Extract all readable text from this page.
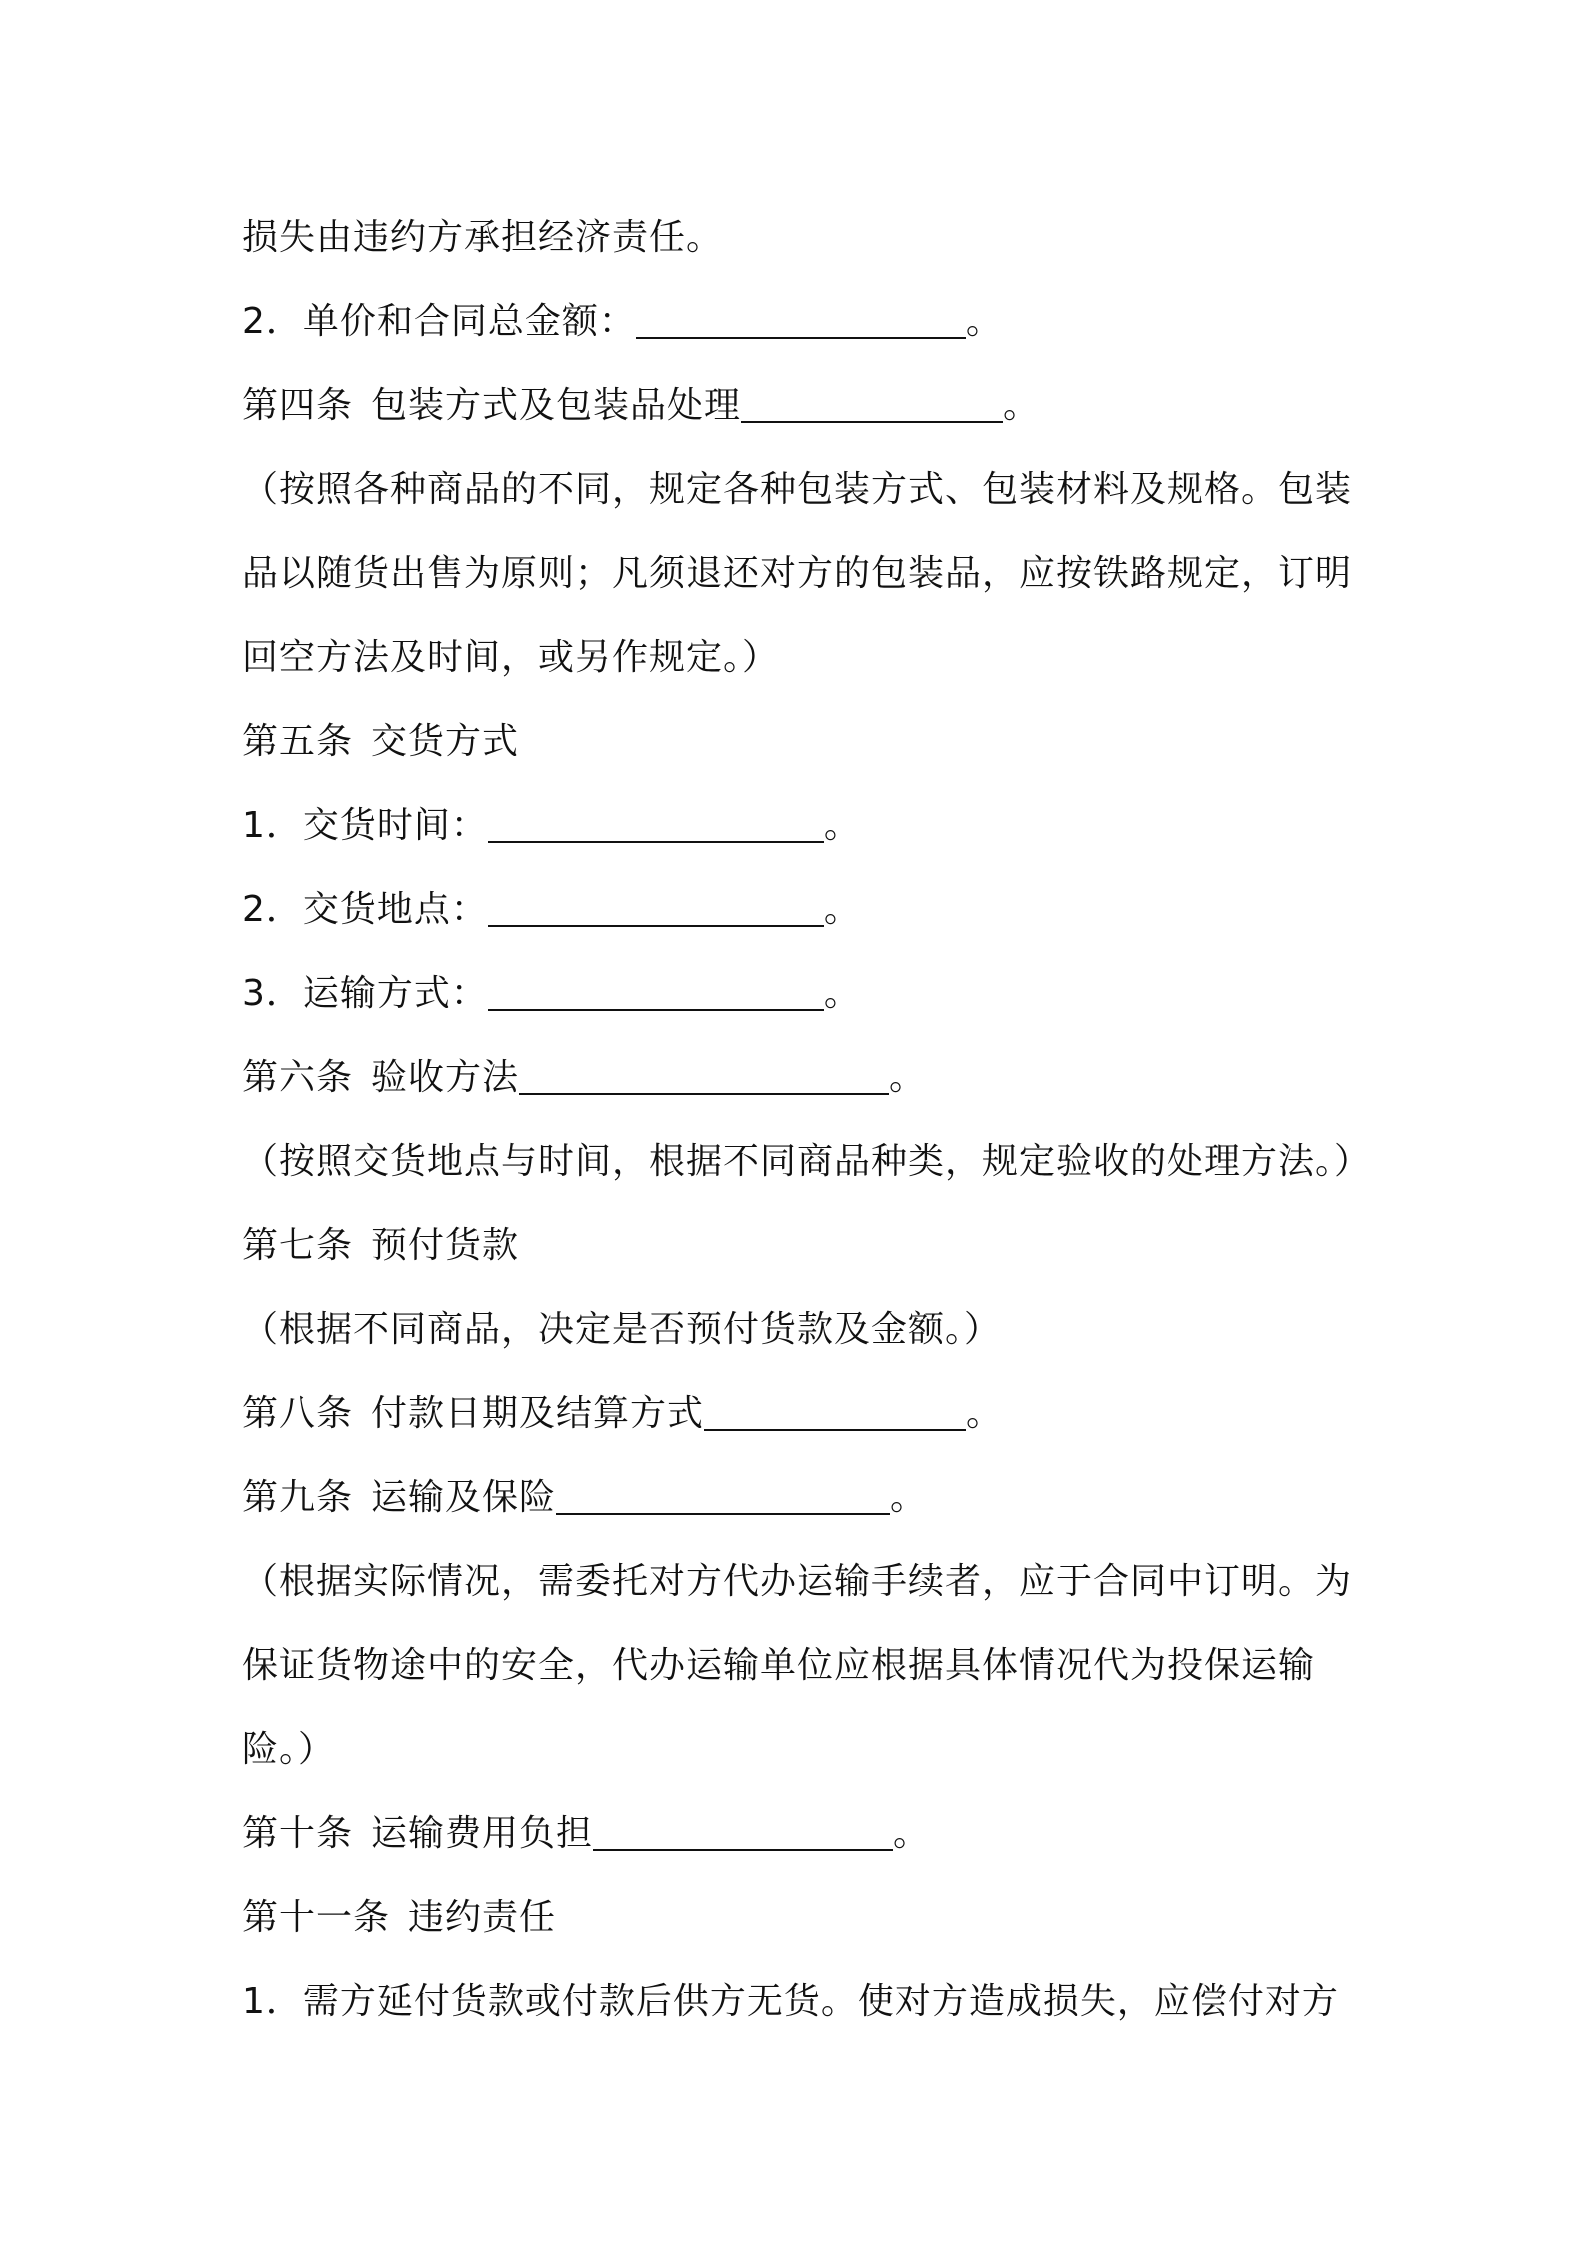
损失由违约方承担经济责任。
2．单价和合同总金额：	。
第四条 包装方式及包装品处理	。
（按照各种商品的不同，规定各种包装方式、包装材料及规格。包装
品以随货出售为原则；凡须退还对方的包装品，应按铁路规定，订明
回空方法及时间，或另作规定。）
第五条 交货方式
1．交货时间：	。
2．交货地点：	。
3．运输方式：	。
第六条 验收方法	。
（按照交货地点与时间，根据不同商品种类，规定验收的处理方法。）
第七条 预付货款
（根据不同商品，决定是否预付货款及金额。）
第八条 付款日期及结算方式	。
第九条 运输及保险	。
（根据实际情况，需委托对方代办运输手续者，应于合同中订明。为
保证货物途中的安全，代办运输单位应根据具体情况代为投保运输
险。）
第十条 运输费用负担	。
第十一条 违约责任
1．需方延付货款或付款后供方无货。使对方造成损失，应偿付对方
